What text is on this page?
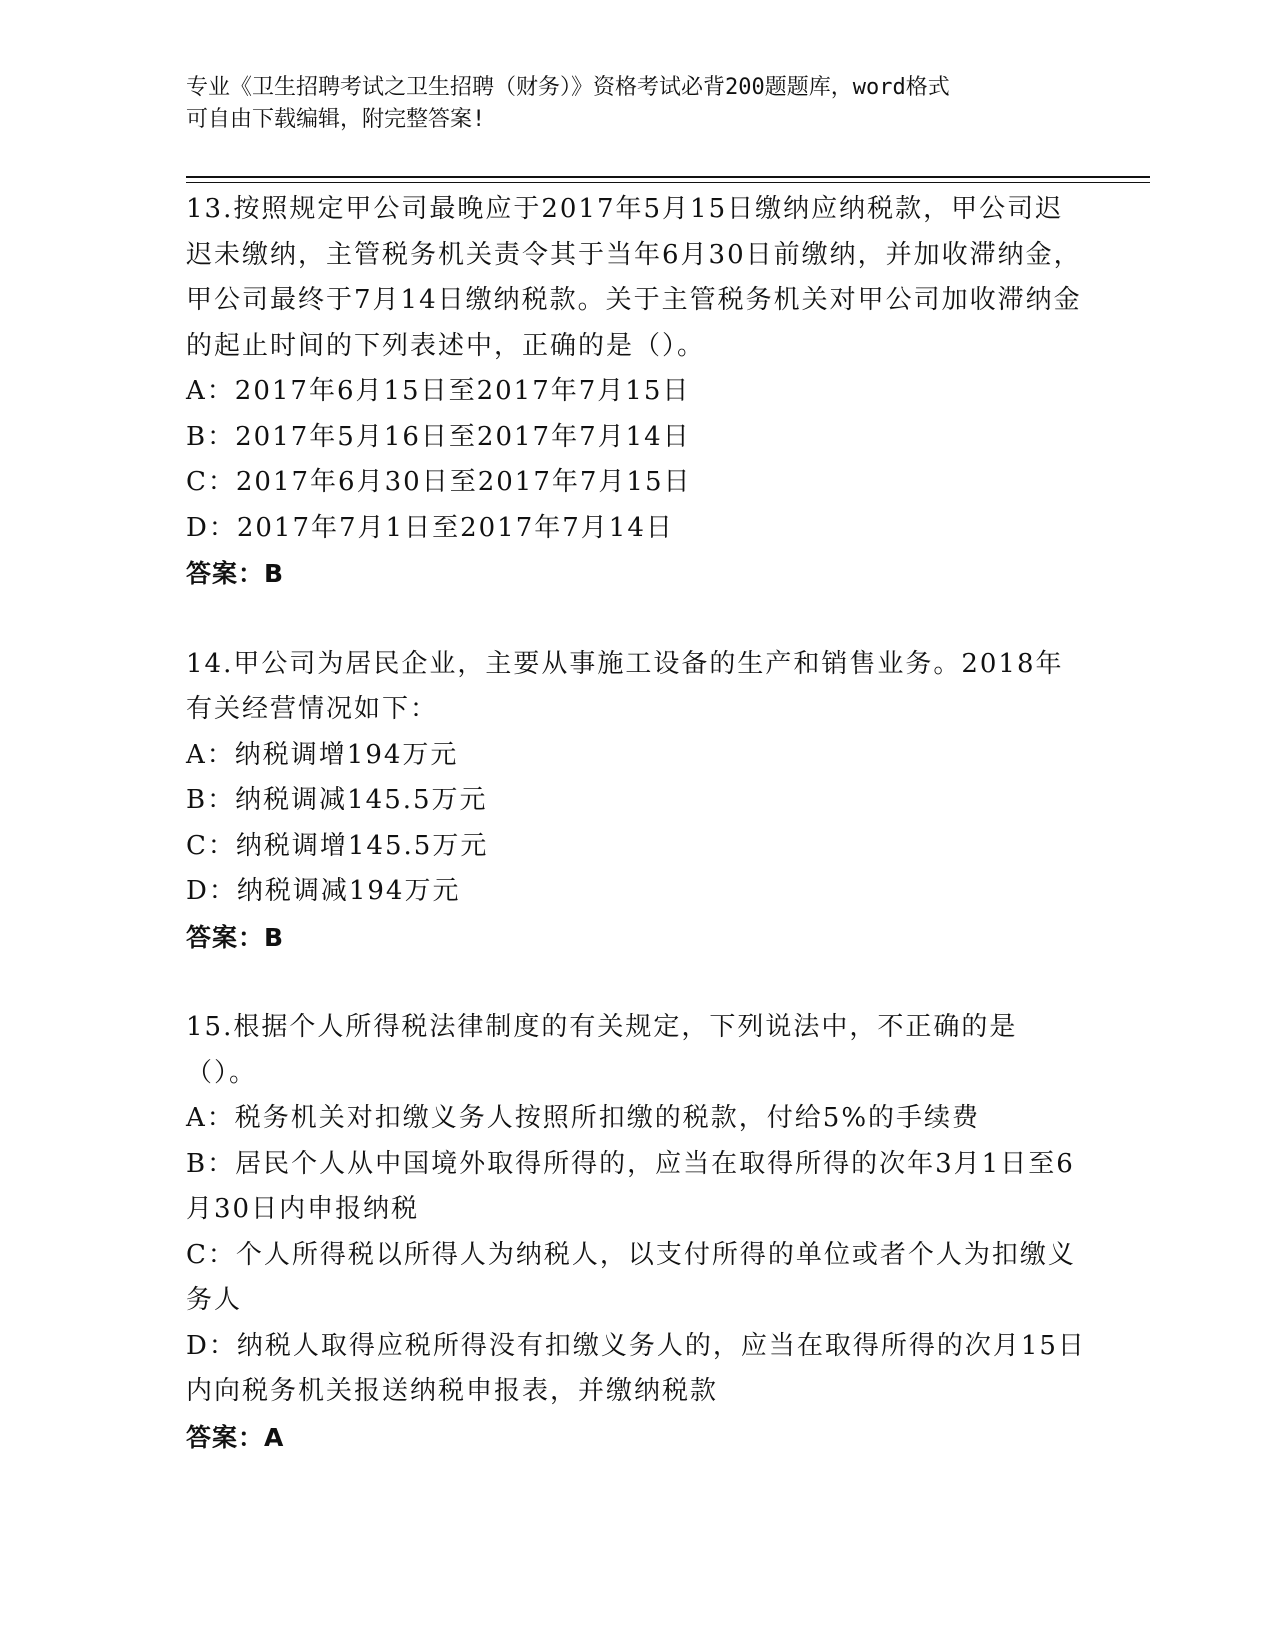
专业《卫生招聘考试之卫生招聘（财务）》资格考试必背200题题库，word格式
可自由下载编辑，附完整答案!

13.按照规定甲公司最晚应于2017年5月15日缴纳应纳税款，甲公司迟迟未缴纳，主管税务机关责令其于当年6月30日前缴纳，并加收滞纳金，甲公司最终于7月14日缴纳税款。关于主管税务机关对甲公司加收滞纳金的起止时间的下列表述中，正确的是（）。

A：2017年6月15日至2017年7月15日
B：2017年5月16日至2017年7月14日
C：2017年6月30日至2017年7月15日
D：2017年7月1日至2017年7月14日
答案：B

14.甲公司为居民企业，主要从事施工设备的生产和销售业务。2018年有关经营情况如下：

A：纳税调增194万元
B：纳税调减145.5万元
C：纳税调增145.5万元
D：纳税调减194万元
答案：B

15.根据个人所得税法律制度的有关规定，下列说法中，不正确的是（）。

A：税务机关对扣缴义务人按照所扣缴的税款，付给5%的手续费
B：居民个人从中国境外取得所得的，应当在取得所得的次年3月1日至6月30日内申报纳税
C：个人所得税以所得人为纳税人，以支付所得的单位或者个人为扣缴义务人
D：纳税人取得应税所得没有扣缴义务人的，应当在取得所得的次月15日内向税务机关报送纳税申报表，并缴纳税款
答案：A
